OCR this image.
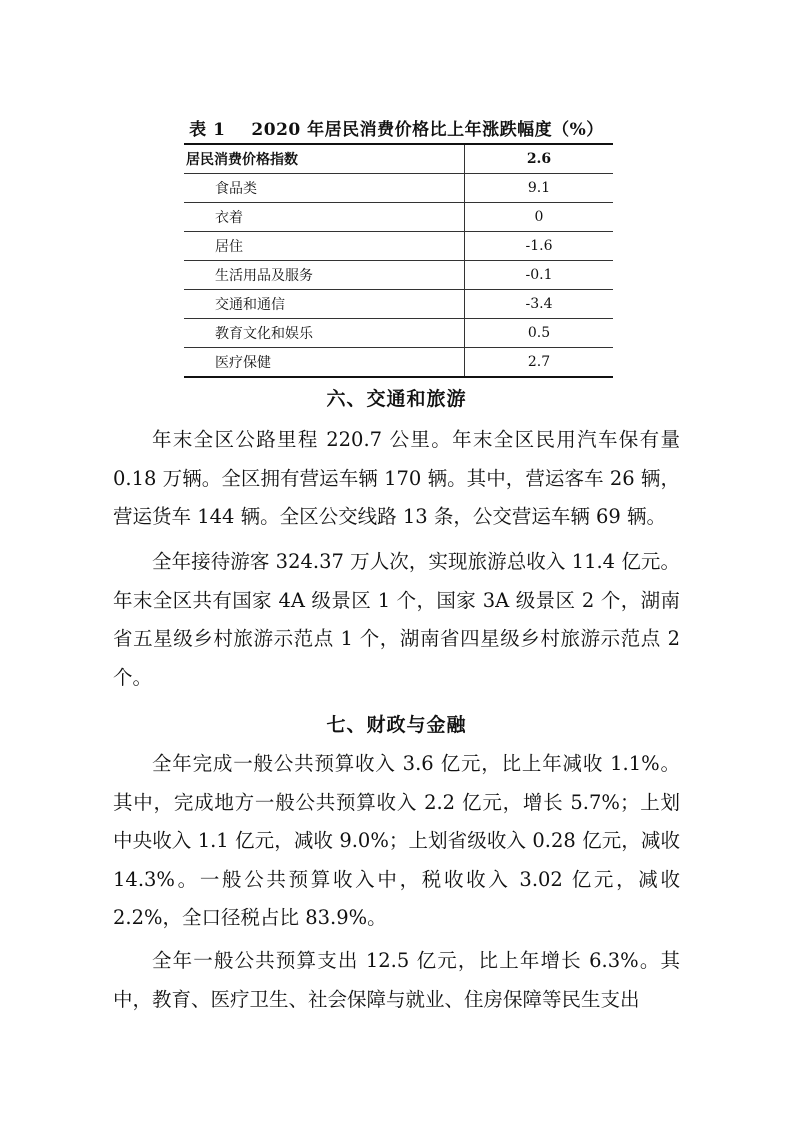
表 1 2020 年居民消费价格比上年涨跌幅度（%）
居民消费价格指数	2.6
食品类	9.1
衣着	0
居住	-1.6
生活用品及服务	-0.1
交通和通信	-3.4
教育文化和娱乐	0.5
医疗保健	2.7
六、交通和旅游

年末全区公路里程 220.7 公里。年末全区民用汽车保有量 0.18 万辆。全区拥有营运车辆 170 辆。其中，营运客车 26 辆，营运货车 144 辆。全区公交线路 13 条，公交营运车辆 69 辆。

全年接待游客 324.37 万人次，实现旅游总收入 11.4 亿元。年末全区共有国家 4A 级景区 1 个，国家 3A 级景区 2 个，湖南省五星级乡村旅游示范点 1 个，湖南省四星级乡村旅游示范点 2 个。

七、财政与金融

全年完成一般公共预算收入 3.6 亿元，比上年减收 1.1%。其中，完成地方一般公共预算收入 2.2 亿元，增长 5.7%；上划中央收入 1.1 亿元，减收 9.0%；上划省级收入 0.28 亿元，减收 14.3%。一般公共预算收入中，税收收入 3.02 亿元，减收 2.2%，全口径税占比 83.9%。

全年一般公共预算支出 12.5 亿元，比上年增长 6.3%。其中，教育、医疗卫生、社会保障与就业、住房保障等民生支出
